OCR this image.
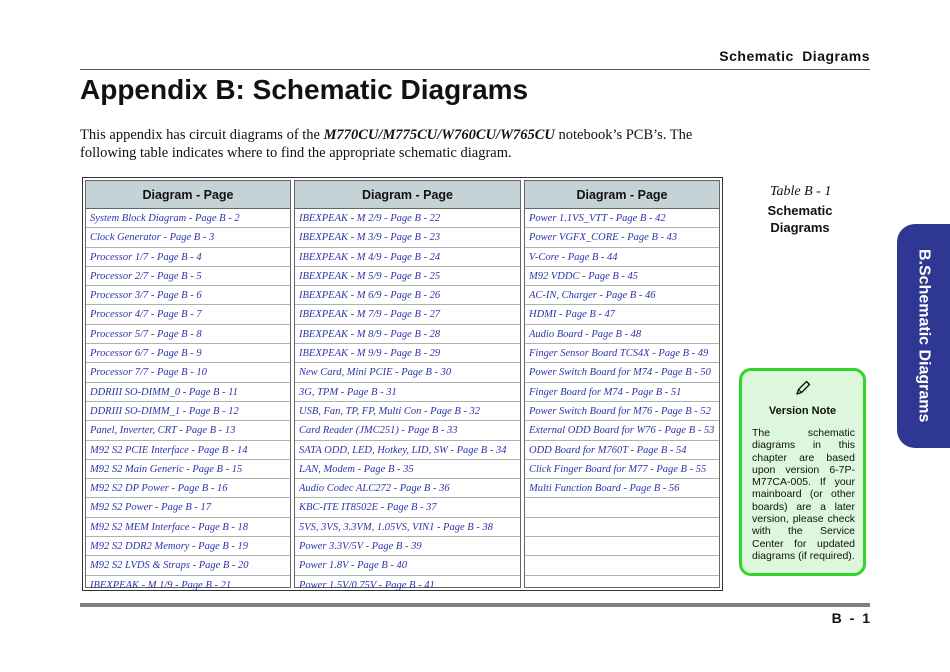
Schematic Diagrams
Appendix B: Schematic Diagrams
This appendix has circuit diagrams of the M770CU/M775CU/W760CU/W765CU notebook’s PCB’s. The following table indicates where to find the appropriate schematic diagram.
Diagram - Page
System Block Diagram - Page B - 2
Clock Generator - Page B - 3
Processor 1/7 - Page B - 4
Processor 2/7 - Page B - 5
Processor 3/7 - Page B - 6
Processor 4/7 - Page B - 7
Processor 5/7 - Page B - 8
Processor 6/7 - Page B - 9
Processor 7/7 - Page B - 10
DDRIII SO-DIMM_0 - Page B - 11
DDRIII SO-DIMM_1 - Page B - 12
Panel, Inverter, CRT - Page B - 13
M92 S2 PCIE Interface - Page B - 14
M92 S2 Main Generic - Page B - 15
M92 S2 DP Power - Page B - 16
M92 S2 Power - Page B - 17
M92 S2 MEM Interface - Page B - 18
M92 S2 DDR2 Memory - Page B - 19
M92 S2 LVDS & Straps - Page B - 20
IBEXPEAK - M 1/9 - Page B - 21
Diagram - Page
IBEXPEAK - M 2/9 - Page B - 22
IBEXPEAK - M 3/9 - Page B - 23
IBEXPEAK - M 4/9 - Page B - 24
IBEXPEAK - M 5/9 - Page B - 25
IBEXPEAK - M 6/9 - Page B - 26
IBEXPEAK - M 7/9 - Page B - 27
IBEXPEAK - M 8/9 - Page B - 28
IBEXPEAK - M 9/9 - Page B - 29
New Card, Mini PCIE - Page B - 30
3G, TPM - Page B - 31
USB, Fan, TP, FP, Multi Con - Page B - 32
Card Reader (JMC251) - Page B - 33
SATA ODD, LED, Hotkey, LID, SW - Page B - 34
LAN, Modem - Page B - 35
Audio Codec ALC272 - Page B - 36
KBC-ITE IT8502E - Page B - 37
5VS, 3VS, 3.3VM, 1.05VS, VIN1 - Page B - 38
Power 3.3V/5V - Page B - 39
Power 1.8V - Page B - 40
Power 1.5V/0.75V - Page B - 41
Diagram - Page
Power 1.1VS_VTT - Page B - 42
Power VGFX_CORE - Page B - 43
V-Core - Page B - 44
M92 VDDC - Page B - 45
AC-IN, Charger - Page B - 46
HDMI - Page B - 47
Audio Board - Page B - 48
Finger Sensor Board TCS4X - Page B - 49
Power Switch Board for M74 - Page B - 50
Finger Board for M74 - Page B - 51
Power Switch Board for M76 - Page B - 52
External ODD Board for W76 - Page B - 53
ODD Board for M760T - Page B - 54
Click Finger Board for M77 - Page B - 55
Multi Function Board - Page B - 56
Table B - 1
Schematic Diagrams
Version Note
The schematic diagrams in this chapter are based upon version 6-7P-M77CA-005. If your mainboard (or other boards) are a later version, please check with the Service Center for updated diagrams (if required).
B.Schematic Diagrams
B - 1
